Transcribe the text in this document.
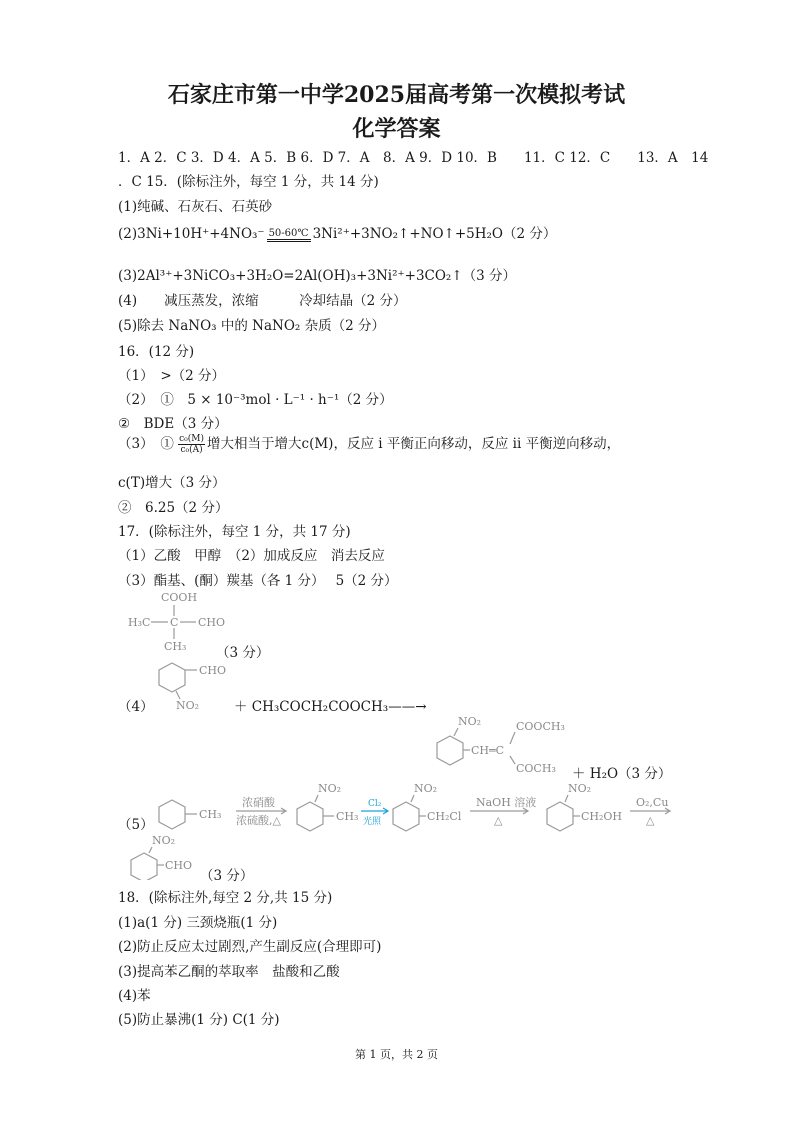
石家庄市第一中学2025届高考第一次模拟考试
化学答案
1．A 2．C 3．D 4．A 5．B 6．D 7．A　8．A 9．D 10．B　　11．C 12．C　　13．A　14
．C 15．(除标注外，每空 1 分，共 14 分)
(1)纯碱、石灰石、石英砂
(2)3Ni+10H⁺+4NO₃⁻ 50-60℃ 3Ni²⁺+3NO₂↑+NO↑+5H₂O（2 分）
(3)2Al³⁺+3NiCO₃+3H₂O=2Al(OH)₃+3Ni²⁺+3CO₂↑（3 分）
(4)　　减压蒸发，浓缩　　　冷却结晶（2 分）
(5)除去 NaNO₃ 中的 NaNO₂ 杂质（2 分）
16．(12 分)
（1）　>（2 分）
（2）　①　5 × 10⁻³mol · L⁻¹ · h⁻¹（2 分）
②　BDE（3 分）
（3）　① $\frac{\text{c₀(M)}}{\text{c₀(A)}}$ 增大相当于增大c(M)，反应 i 平衡正向移动，反应 ii 平衡逆向移动，
c(T)增大（3 分）
②　6.25（2 分）
17．(除标注外，每空 1 分，共 17 分)
（1）乙酸　甲醇　（2）加成反应　消去反应
（3）酯基、(酮）羰基（各 1 分）　 5（2 分）
COOH
H₃C C CHO
CH₃ （3 分）
（4）
CHO
NO₂	＋ CH₃COCH₂COOCH₃——→
NO₂
CH═C
COOCH₃
COCH₃ ＋ H₂O（3 分）
（5）
CH₃
浓硝酸
浓硫酸,△
NO₂
CH₃
Cl₂
光照
NO₂
CH₂Cl
NaOH 溶液
△
NO₂
CH₂OH
O₂,Cu
△
NO₂
CHO
（3 分）
18．(除标注外,每空 2 分,共 15 分)
(1)a(1 分) 三颈烧瓶(1 分)
(2)防止反应太过剧烈,产生副反应(合理即可)
(3)提高苯乙酮的萃取率　盐酸和乙酸
(4)苯
(5)防止暴沸(1 分) C(1 分)
第 1 页，共 2 页
